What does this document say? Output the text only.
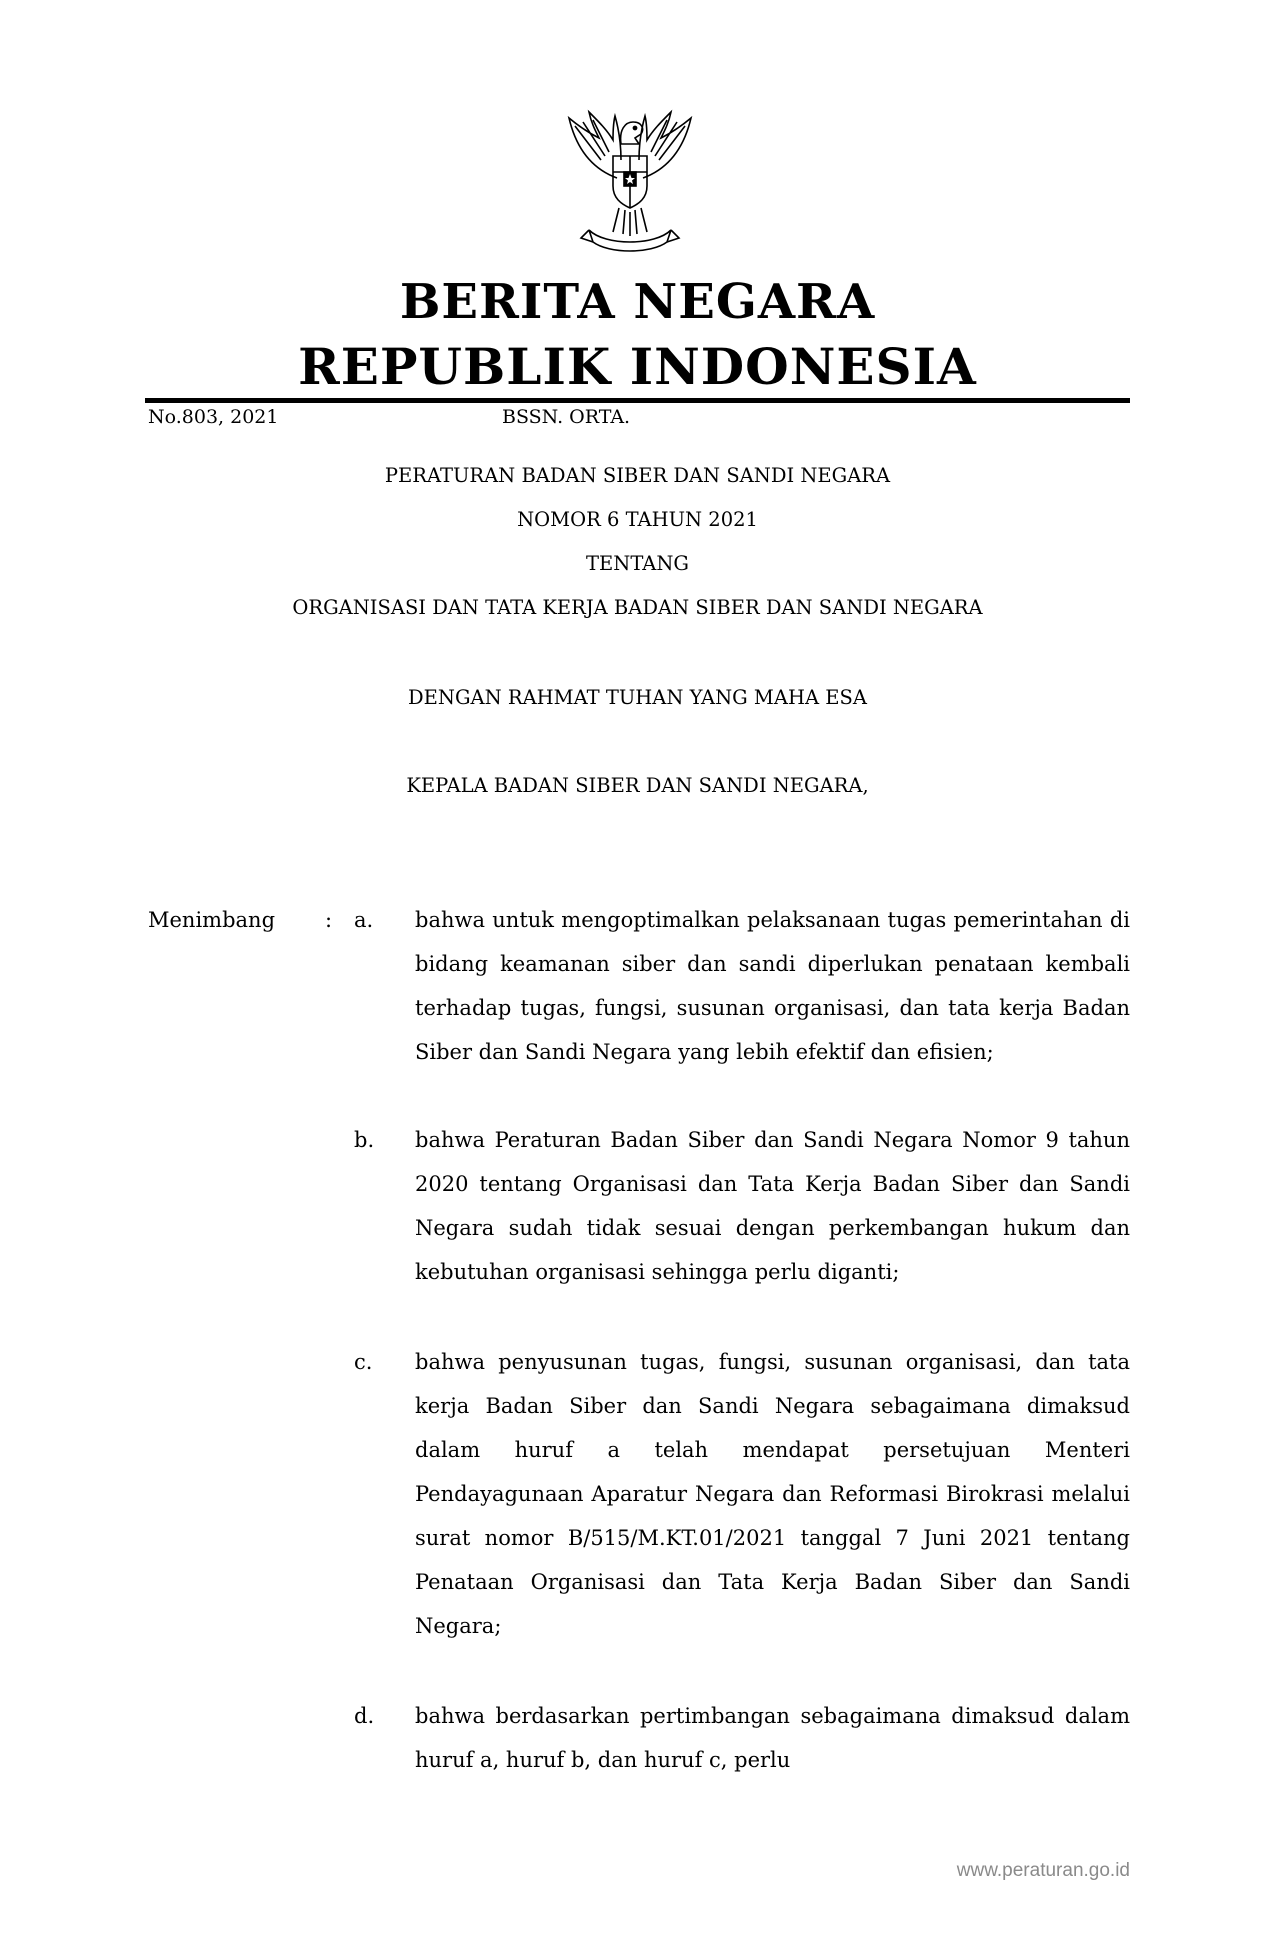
BERITA NEGARA
REPUBLIK INDONESIA
No.803, 2021	BSSN. ORTA.
PERATURAN BADAN SIBER DAN SANDI NEGARA
NOMOR 6 TAHUN 2021
TENTANG
ORGANISASI DAN TATA KERJA BADAN SIBER DAN SANDI NEGARA
DENGAN RAHMAT TUHAN YANG MAHA ESA
KEPALA BADAN SIBER DAN SANDI NEGARA,
Menimbang : a. bahwa untuk mengoptimalkan pelaksanaan tugas pemerintahan di bidang keamanan siber dan sandi diperlukan penataan kembali terhadap tugas, fungsi, susunan organisasi, dan tata kerja Badan Siber dan Sandi Negara yang lebih efektif dan efisien;
b. bahwa Peraturan Badan Siber dan Sandi Negara Nomor 9 tahun 2020 tentang Organisasi dan Tata Kerja Badan Siber dan Sandi Negara sudah tidak sesuai dengan perkembangan hukum dan kebutuhan organisasi sehingga perlu diganti;
c. bahwa penyusunan tugas, fungsi, susunan organisasi, dan tata kerja Badan Siber dan Sandi Negara sebagaimana dimaksud dalam huruf a telah mendapat persetujuan Menteri Pendayagunaan Aparatur Negara dan Reformasi Birokrasi melalui surat nomor B/515/M.KT.01/2021 tanggal 7 Juni 2021 tentang Penataan Organisasi dan Tata Kerja Badan Siber dan Sandi Negara;
d. bahwa berdasarkan pertimbangan sebagaimana dimaksud dalam huruf a, huruf b, dan huruf c, perlu
www.peraturan.go.id
